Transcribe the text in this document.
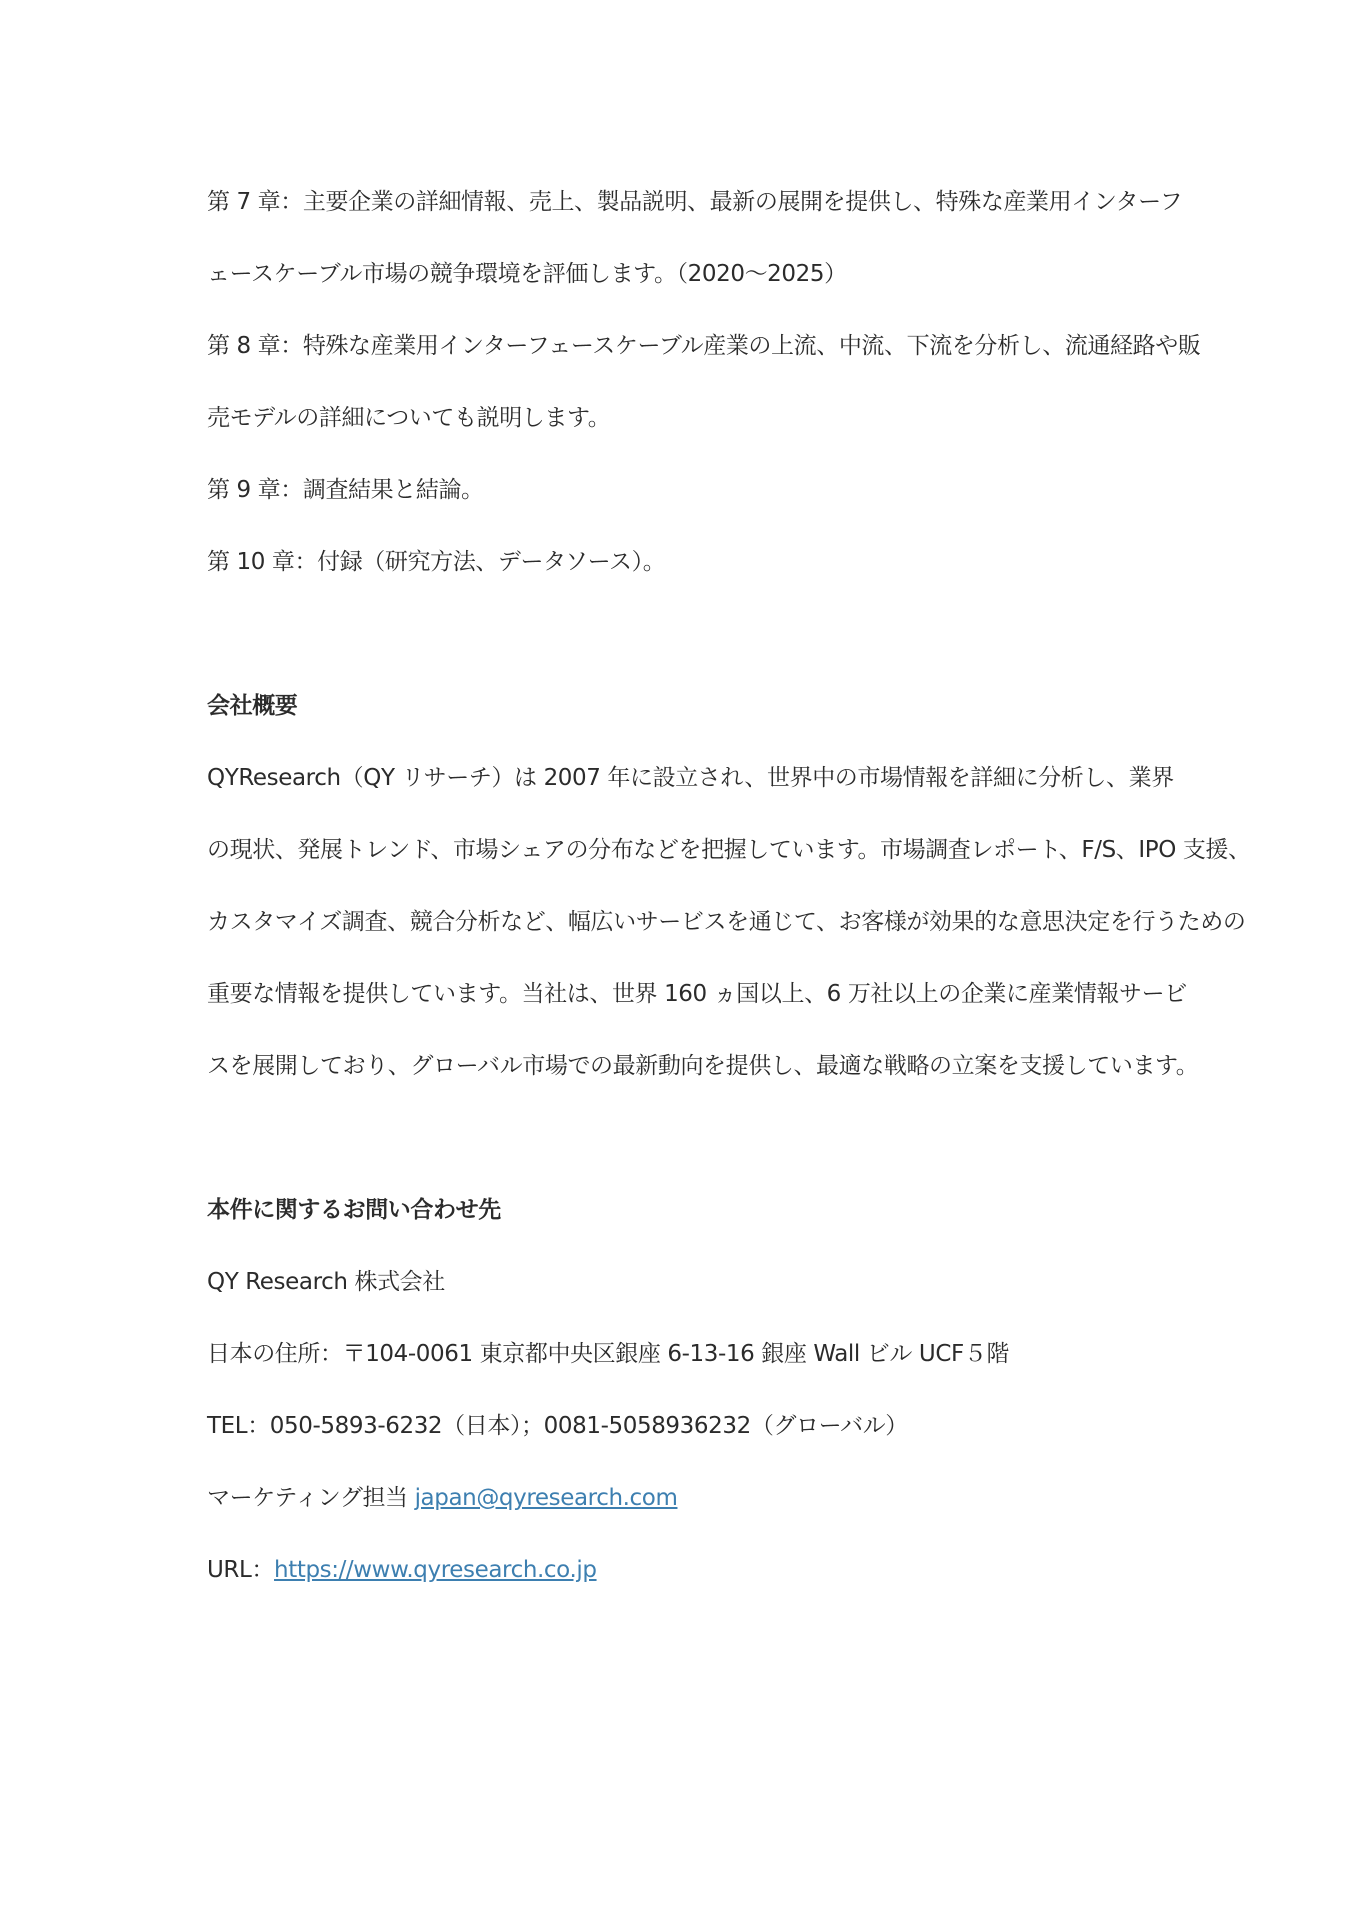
第 7 章：主要企業の詳細情報、売上、製品説明、最新の展開を提供し、特殊な産業用インターフ
ェースケーブル市場の競争環境を評価します。（2020～2025）
第 8 章：特殊な産業用インターフェースケーブル産業の上流、中流、下流を分析し、流通経路や販
売モデルの詳細についても説明します。
第 9 章：調査結果と結論。
第 10 章：付録（研究方法、データソース）。
会社概要
QYResearch（QY リサーチ）は 2007 年に設立され、世界中の市場情報を詳細に分析し、業界
の現状、発展トレンド、市場シェアの分布などを把握しています。市場調査レポート、F/S、IPO 支援、
カスタマイズ調査、競合分析など、幅広いサービスを通じて、お客様が効果的な意思決定を行うための
重要な情報を提供しています。当社は、世界 160 ヵ国以上、6 万社以上の企業に産業情報サービ
スを展開しており、グローバル市場での最新動向を提供し、最適な戦略の立案を支援しています。
本件に関するお問い合わせ先
QY Research 株式会社
日本の住所：〒104-0061 東京都中央区銀座 6-13-16 銀座 Wall ビル UCF５階
TEL：050-5893-6232（日本）；0081-5058936232（グローバル）
マーケティング担当 japan@qyresearch.com
URL：https://www.qyresearch.co.jp
